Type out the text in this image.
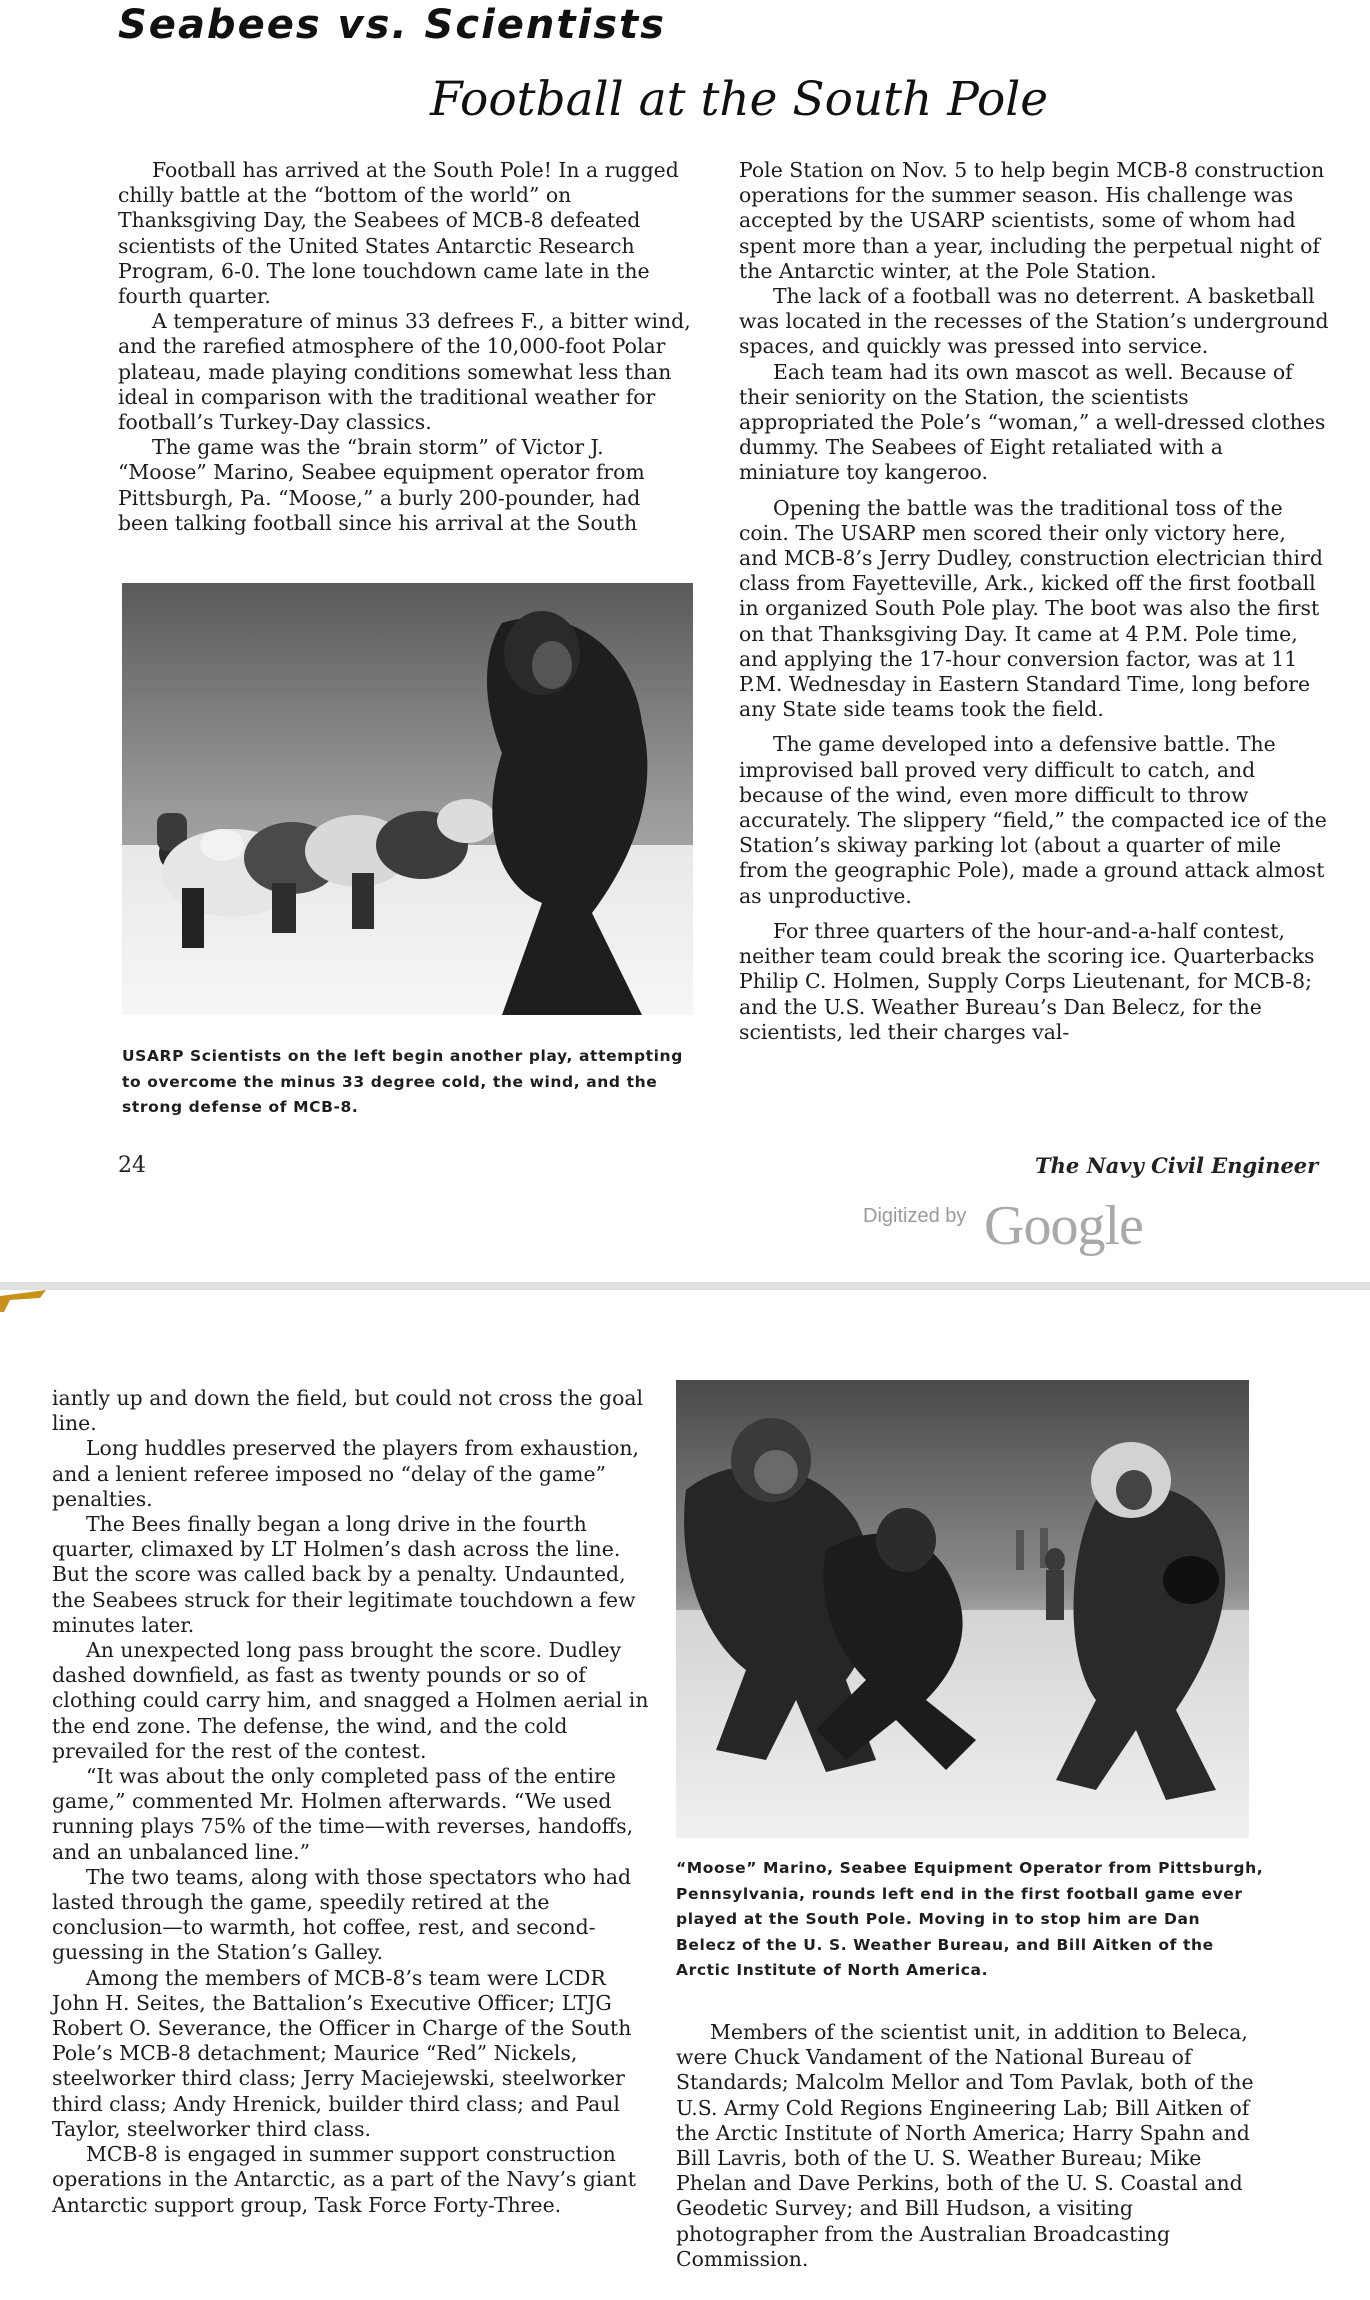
Seabees vs. Scientists
Football at the South Pole

Football has arrived at the South Pole! In a rugged chilly battle at the “bottom of the world” on Thanksgiving Day, the Seabees of MCB-8 defeated scientists of the United States Antarctic Research Program, 6-0. The lone touchdown came late in the fourth quarter.

A temperature of minus 33 defrees F., a bitter wind, and the rarefied atmosphere of the 10,000-foot Polar plateau, made playing conditions somewhat less than ideal in comparison with the traditional weather for football’s Turkey-Day classics.

The game was the “brain storm” of Victor J. “Moose” Marino, Seabee equipment operator from Pittsburgh, Pa. “Moose,” a burly 200-pounder, had been talking football since his arrival at the South

USARP Scientists on the left begin another play, attempting to overcome the minus 33 degree cold, the wind, and the strong defense of MCB-8.

Pole Station on Nov. 5 to help begin MCB-8 construction operations for the summer season. His challenge was accepted by the USARP scientists, some of whom had spent more than a year, including the perpetual night of the Antarctic winter, at the Pole Station.

The lack of a football was no deterrent. A basketball was located in the recesses of the Station’s underground spaces, and quickly was pressed into service.

Each team had its own mascot as well. Because of their seniority on the Station, the scientists appropriated the Pole’s “woman,” a well-dressed clothes dummy. The Seabees of Eight retaliated with a miniature toy kangeroo.

Opening the battle was the traditional toss of the coin. The USARP men scored their only victory here, and MCB-8’s Jerry Dudley, construction electrician third class from Fayetteville, Ark., kicked off the first football in organized South Pole play. The boot was also the first on that Thanksgiving Day. It came at 4 P.M. Pole time, and applying the 17-hour conversion factor, was at 11 P.M. Wednesday in Eastern Standard Time, long before any State side teams took the field.

The game developed into a defensive battle. The improvised ball proved very difficult to catch, and because of the wind, even more difficult to throw accurately. The slippery “field,” the compacted ice of the Station’s skiway parking lot (about a quarter of mile from the geographic Pole), made a ground attack almost as unproductive.

For three quarters of the hour-and-a-half contest, neither team could break the scoring ice. Quarterbacks Philip C. Holmen, Supply Corps Lieutenant, for MCB-8; and the U.S. Weather Bureau’s Dan Belecz, for the scientists, led their charges val-

24	The Navy Civil Engineer
Digitized by Google

iantly up and down the field, but could not cross the goal line.

Long huddles preserved the players from exhaustion, and a lenient referee imposed no “delay of the game” penalties.

The Bees finally began a long drive in the fourth quarter, climaxed by LT Holmen’s dash across the line. But the score was called back by a penalty. Undaunted, the Seabees struck for their legitimate touchdown a few minutes later.

An unexpected long pass brought the score. Dudley dashed downfield, as fast as twenty pounds or so of clothing could carry him, and snagged a Holmen aerial in the end zone. The defense, the wind, and the cold prevailed for the rest of the contest.

“It was about the only completed pass of the entire game,” commented Mr. Holmen afterwards. “We used running plays 75% of the time—with reverses, handoffs, and an unbalanced line.”

The two teams, along with those spectators who had lasted through the game, speedily retired at the conclusion—to warmth, hot coffee, rest, and second-guessing in the Station’s Galley.

Among the members of MCB-8’s team were LCDR John H. Seites, the Battalion’s Executive Officer; LTJG Robert O. Severance, the Officer in Charge of the South Pole’s MCB-8 detachment; Maurice “Red” Nickels, steelworker third class; Jerry Maciejewski, steelworker third class; Andy Hrenick, builder third class; and Paul Taylor, steelworker third class.

MCB-8 is engaged in summer support construction operations in the Antarctic, as a part of the Navy’s giant Antarctic support group, Task Force Forty-Three.

“Moose” Marino, Seabee Equipment Operator from Pittsburgh, Pennsylvania, rounds left end in the first football game ever played at the South Pole. Moving in to stop him are Dan Belecz of the U. S. Weather Bureau, and Bill Aitken of the Arctic Institute of North America.

Members of the scientist unit, in addition to Beleca, were Chuck Vandament of the National Bureau of Standards; Malcolm Mellor and Tom Pavlak, both of the U.S. Army Cold Regions Engineering Lab; Bill Aitken of the Arctic Institute of North America; Harry Spahn and Bill Lavris, both of the U. S. Weather Bureau; Mike Phelan and Dave Perkins, both of the U. S. Coastal and Geodetic Survey; and Bill Hudson, a visiting photographer from the Australian Broadcasting Commission.
